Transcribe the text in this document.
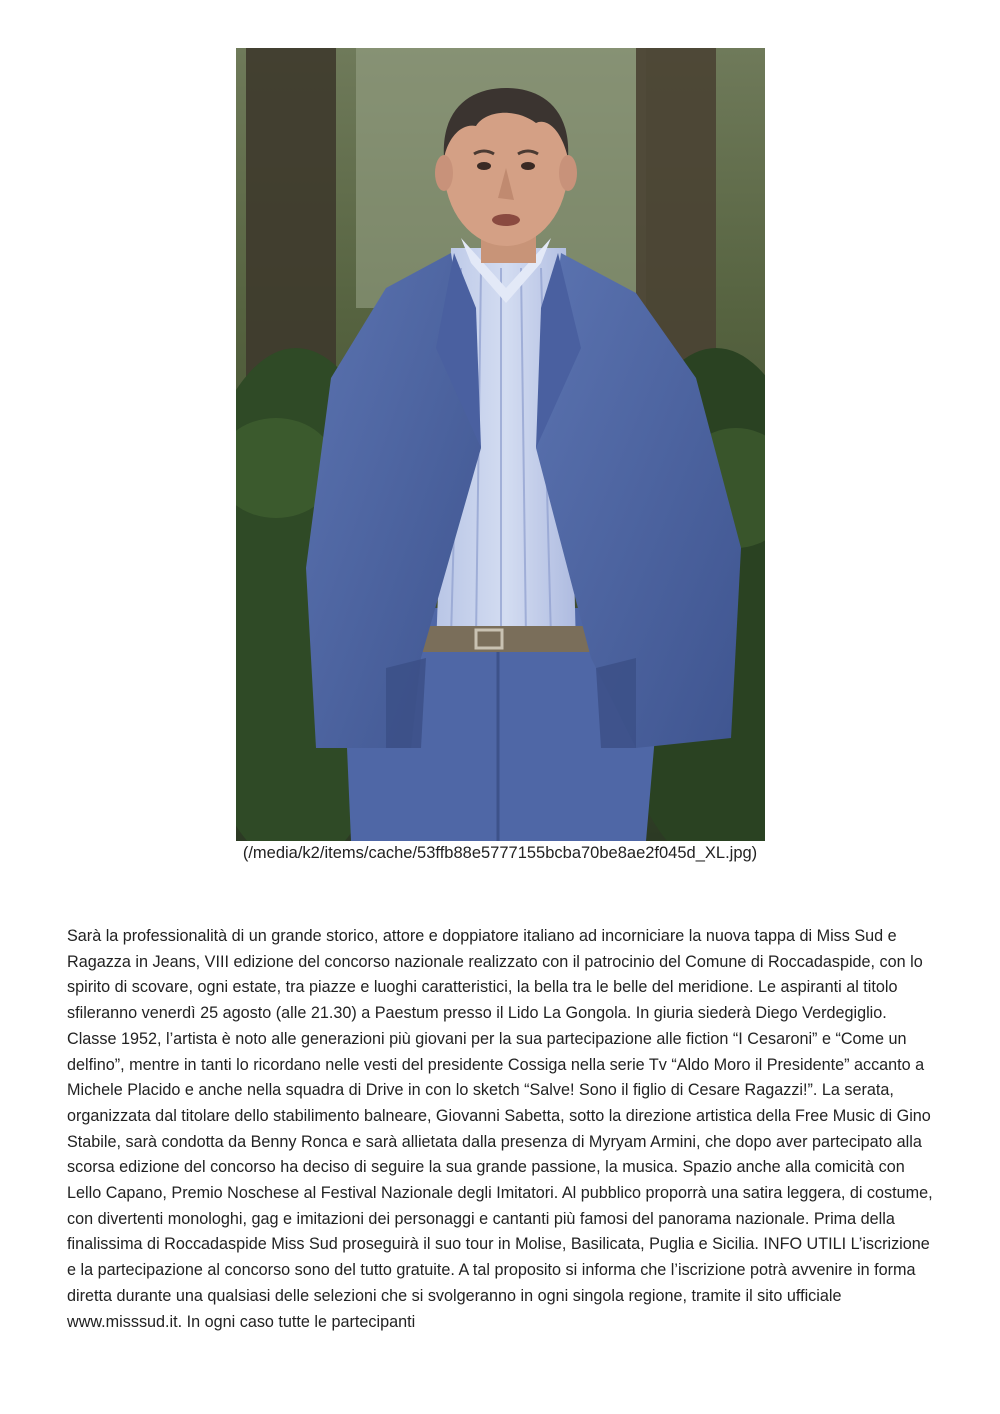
(/media/k2/items/cache/53ffb88e5777155bcba70be8ae2f045d_XL.jpg)

Sarà la professionalità di un grande storico, attore e doppiatore italiano ad incorniciare la nuova tappa di Miss Sud e Ragazza in Jeans, VIII edizione del concorso nazionale realizzato con il patrocinio del Comune di Roccadaspide, con lo spirito di scovare, ogni estate, tra piazze e luoghi caratteristici, la bella tra le belle del meridione. Le aspiranti al titolo sfileranno venerdì 25 agosto (alle 21.30) a Paestum presso il Lido La Gongola. In giuria siederà Diego Verdegiglio. Classe 1952, l’artista è noto alle generazioni più giovani per la sua partecipazione alle fiction “I Cesaroni” e “Come un delfino”, mentre in tanti lo ricordano nelle vesti del presidente Cossiga nella serie Tv “Aldo Moro il Presidente” accanto a Michele Placido e anche nella squadra di Drive in con lo sketch “Salve! Sono il figlio di Cesare Ragazzi!”. La serata, organizzata dal titolare dello stabilimento balneare, Giovanni Sabetta, sotto la direzione artistica della Free Music di Gino Stabile, sarà condotta da Benny Ronca e sarà allietata dalla presenza di Myryam Armini, che dopo aver partecipato alla scorsa edizione del concorso ha deciso di seguire la sua grande passione, la musica. Spazio anche alla comicità con Lello Capano, Premio Noschese al Festival Nazionale degli Imitatori. Al pubblico proporrà una satira leggera, di costume, con divertenti monologhi, gag e imitazioni dei personaggi e cantanti più famosi del panorama nazionale. Prima della finalissima di Roccadaspide Miss Sud proseguirà il suo tour in Molise, Basilicata, Puglia e Sicilia. INFO UTILI L’iscrizione e la partecipazione al concorso sono del tutto gratuite. A tal proposito si informa che l’iscrizione potrà avvenire in forma diretta durante una qualsiasi delle selezioni che si svolgeranno in ogni singola regione, tramite il sito ufficiale www.misssud.it. In ogni caso tutte le partecipanti
